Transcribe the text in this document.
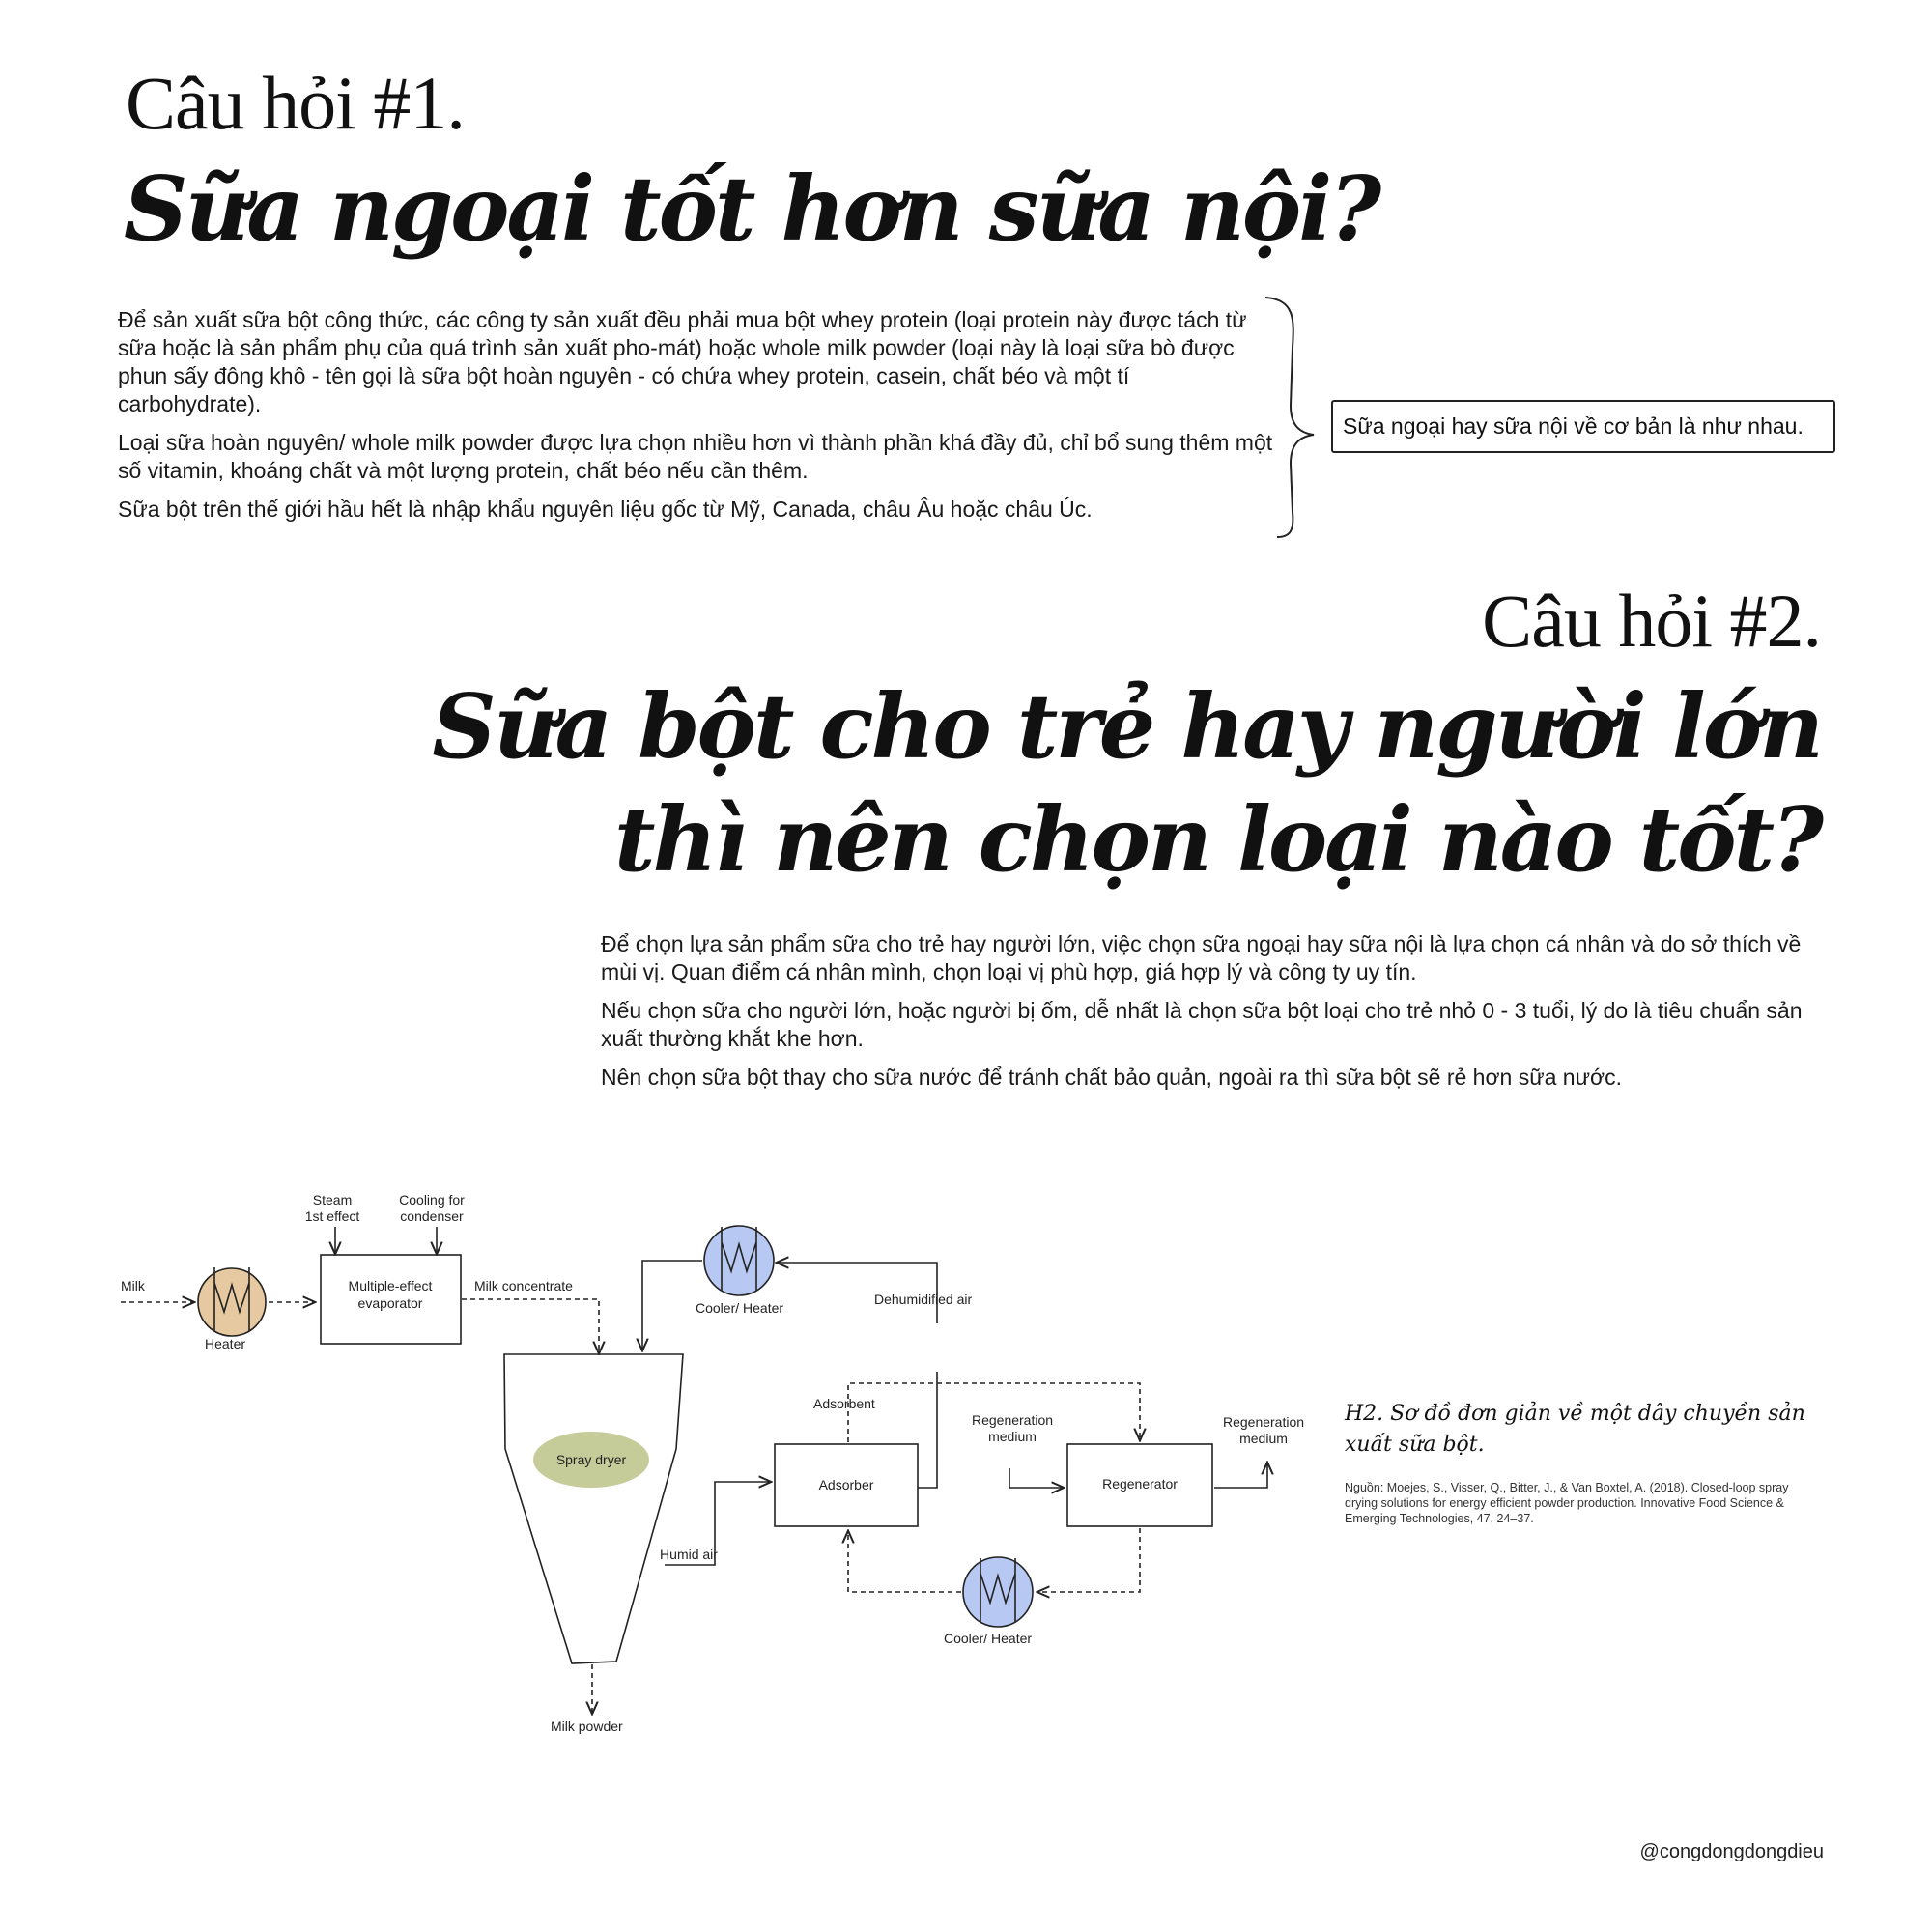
Câu hỏi #1.
Sữa ngoại tốt hơn sữa nội?

Để sản xuất sữa bột công thức, các công ty sản xuất đều phải mua bột whey protein (loại protein này được tách từ sữa hoặc là sản phẩm phụ của quá trình sản xuất pho-mát) hoặc whole milk powder (loại này là loại sữa bò được phun sấy đông khô - tên gọi là sữa bột hoàn nguyên - có chứa whey protein, casein, chất béo và một tí carbohydrate).

Loại sữa hoàn nguyên/ whole milk powder được lựa chọn nhiều hơn vì thành phần khá đầy đủ, chỉ bổ sung thêm một số vitamin, khoáng chất và một lượng protein, chất béo nếu cần thêm.

Sữa bột trên thế giới hầu hết là nhập khẩu nguyên liệu gốc từ Mỹ, Canada, châu Âu hoặc châu Úc.

Sữa ngoại hay sữa nội về cơ bản là như nhau.
Câu hỏi #2.
Sữa bột cho trẻ hay người lớn
thì nên chọn loại nào tốt?

Để chọn lựa sản phẩm sữa cho trẻ hay người lớn, việc chọn sữa ngoại hay sữa nội là lựa chọn cá nhân và do sở thích về mùi vị. Quan điểm cá nhân mình, chọn loại vị phù hợp, giá hợp lý và công ty uy tín.

Nếu chọn sữa cho người lớn, hoặc người bị ốm, dễ nhất là chọn sữa bột loại cho trẻ nhỏ 0 - 3 tuổi, lý do là tiêu chuẩn sản xuất thường khắt khe hơn.

Nên chọn sữa bột thay cho sữa nước để tránh chất bảo quản, ngoài ra thì sữa bột sẽ rẻ hơn sữa nước.

Milk
Heater
Steam
1st effect
Cooling for
condenser
Multiple-effect
evaporator
Milk concentrate
Cooler/ Heater
Dehumidified air
Spray dryer
Adsorbent
Adsorber
Regeneration
medium
Regenerator
Regeneration
medium
Humid air
Cooler/ Heater
Milk powder
H2. Sơ đồ đơn giản về một dây chuyền sản xuất sữa bột.
Nguồn: Moejes, S., Visser, Q., Bitter, J., & Van Boxtel, A. (2018). Closed-loop spray drying solutions for energy efficient powder production. Innovative Food Science & Emerging Technologies, 47, 24–37.
@congdongdongdieu
